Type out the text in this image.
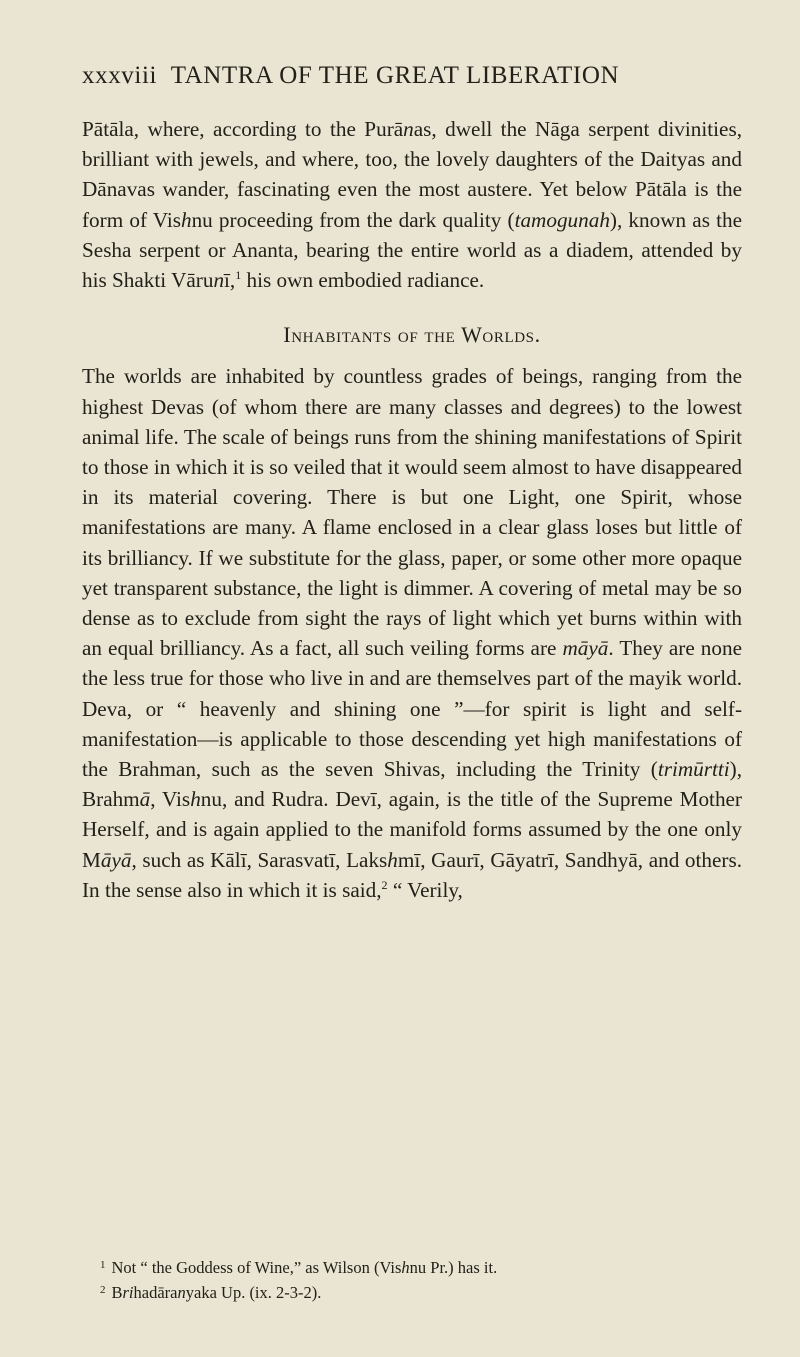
xxxviii TANTRA OF THE GREAT LIBERATION

Pātāla, where, according to the Purānas, dwell the Nāga serpent divinities, brilliant with jewels, and where, too, the lovely daughters of the Daityas and Dānavas wander, fascinating even the most austere. Yet below Pātāla is the form of Vishnu proceeding from the dark quality (tamogunah), known as the Sesha serpent or Ananta, bearing the entire world as a diadem, attended by his Shakti Vārunī,$^1$ his own embodied radiance.

Inhabitants of the Worlds.

The worlds are inhabited by countless grades of beings, ranging from the highest Devas (of whom there are many classes and degrees) to the lowest animal life. The scale of beings runs from the shining manifestations of Spirit to those in which it is so veiled that it would seem almost to have disappeared in its material covering. There is but one Light, one Spirit, whose manifestations are many. A flame enclosed in a clear glass loses but little of its brilliancy. If we substitute for the glass, paper, or some other more opaque yet transparent substance, the light is dimmer. A covering of metal may be so dense as to exclude from sight the rays of light which yet burns within with an equal brilliancy. As a fact, all such veiling forms are māyā. They are none the less true for those who live in and are themselves part of the mayik world. Deva, or “ heavenly and shining one ”—for spirit is light and self-manifestation—is applicable to those descending yet high manifestations of the Brahman, such as the seven Shivas, including the Trinity (trimūrtti), Brahmā, Vishnu, and Rudra. Devī, again, is the title of the Supreme Mother Herself, and is again applied to the manifold forms assumed by the one only Māyā, such as Kālī, Sarasvatī, Lakshmī, Gaurī, Gāyatrī, Sandhyā, and others. In the sense also in which it is said,$^2$ “ Verily,

$^1$ Not “ the Goddess of Wine,” as Wilson (Vishnu Pr.) has it.
$^2$ Brihadāranyaka Up. (ix. 2-3-2).
